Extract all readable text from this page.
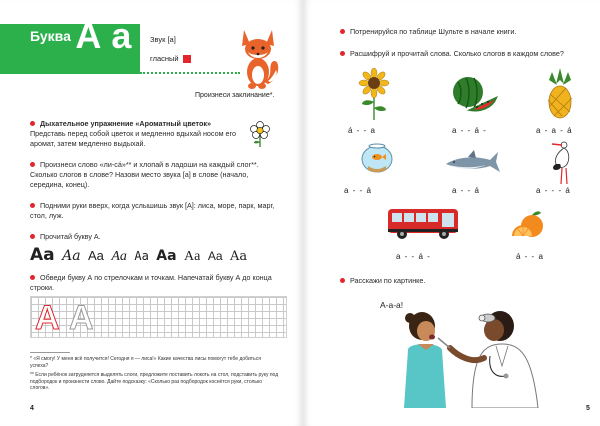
Буква А а	Звук [а]
гласный
Произнеси заклинание*.
Дыхательное упражнение «Ароматный цветок»
Представь перед собой цветок и медленно вдыхай носом его аромат, затем медленно выдыхай.
Произнеси слово «ли-сá»** и хлопай в ладоши на каждый слог**. Сколько слогов в слове? Назови место звука [а] в слове (начало, середина, конец).
Подними руки вверх, когда услышишь звук [А]: лиса, море, парк, марг, стол, луж.
Прочитай букву А.
Aa Aa Aa Aa Aa Aa Aa Aa Aa
Обведи букву А по стрелочкам и точкам. Напечатай букву А до конца строки.
А А
* «Я смогу! У меня всё получится! Сегодня я — лиса!» Какие качества лисы помогут тебе добиться успеха?
** Если ребёнок затрудняется выделять слоги, предложите поставить локоть на стол, подставить руку под подбородок и произнести слово. Дайте подсказку: «Сколько раз подбородок коснётся руки, столько слогов».
4
Потренируйся по таблице Шульте в начале книги.
Расшифруй и прочитай слова. Сколько слогов в каждом слове?
á - - a	a - - á -	a - a - á
a - - á	a - - á	a - - - á
a - - á -	á - - a
Расскажи по картинке.
А-а-а!
5
